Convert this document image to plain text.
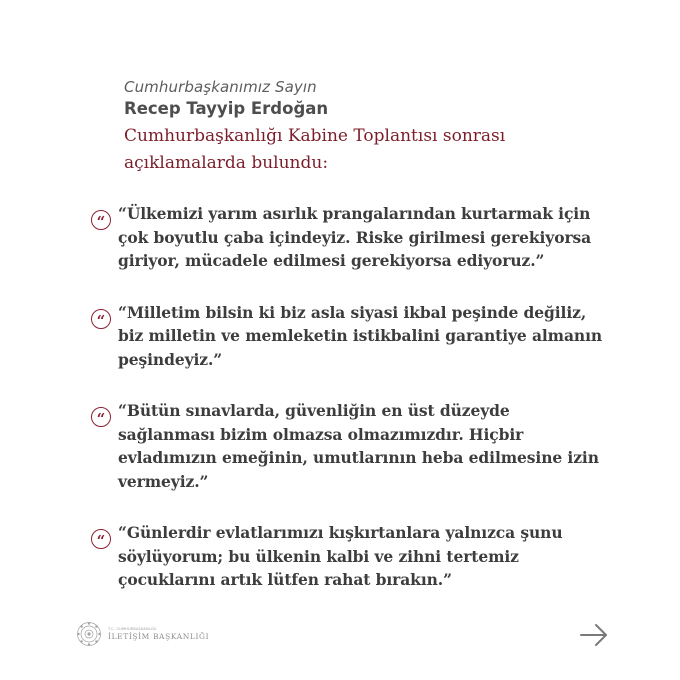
Cumhurbaşkanımız Sayın
Recep Tayyip Erdoğan
Cumhurbaşkanlığı Kabine Toplantısı sonrası
açıklamalarda bulundu:
“ “Ülkemizi yarım asırlık prangalarından kurtarmak için çok boyutlu çaba içindeyiz. Riske girilmesi gerekiyorsa giriyor, mücadele edilmesi gerekiyorsa ediyoruz.”
“ “Milletim bilsin ki biz asla siyasi ikbal peşinde değiliz, biz milletin ve memleketin istikbalini garantiye almanın peşindeyiz.”
“ “Bütün sınavlarda, güvenliğin en üst düzeyde sağlanması bizim olmazsa olmazımızdır. Hiçbir evladımızın emeğinin, umutlarının heba edilmesine izin vermeyiz.”
“ “Günlerdir evlatlarımızı kışkırtanlara yalnızca şunu söylüyorum; bu ülkenin kalbi ve zihni tertemiz çocuklarını artık lütfen rahat bırakın.”
T.C. CUMHURBAŞKANLIĞI
İLETİŞİM BAŞKANLIĞI
